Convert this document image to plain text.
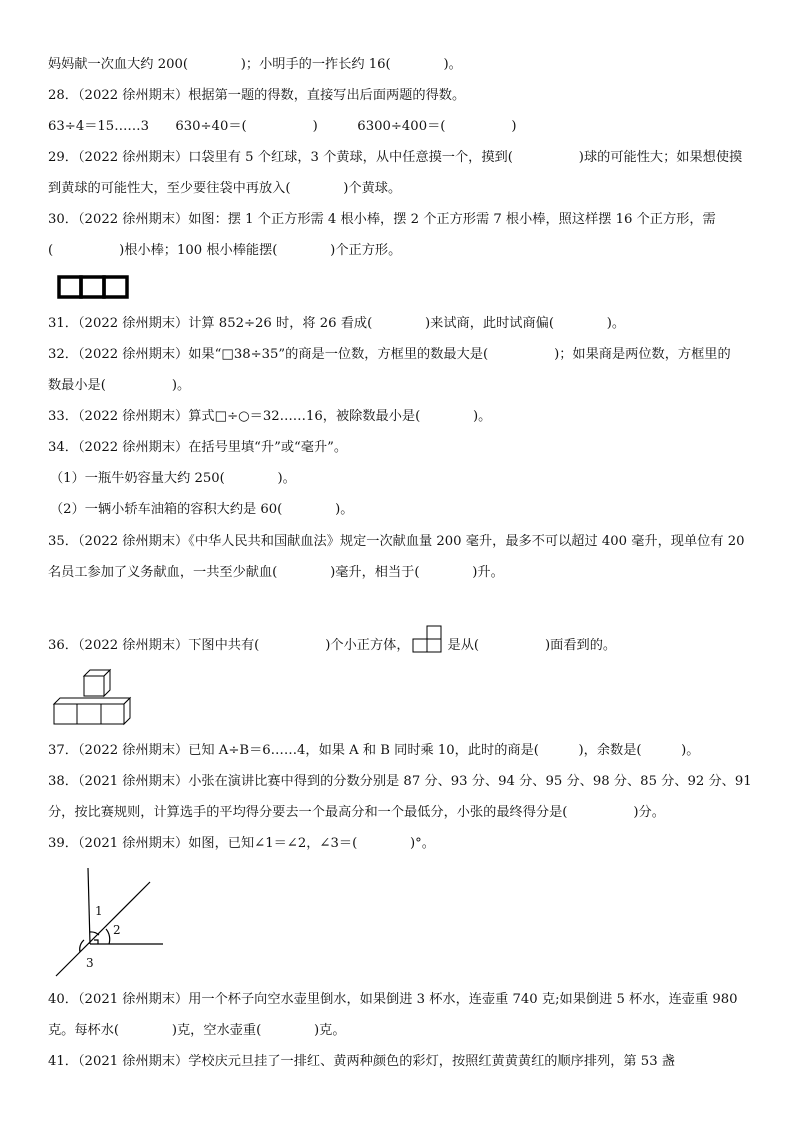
妈妈献一次血大约 200(　　　　)；小明手的一拃长约 16(　　　　)。
28．（2022 徐州期末）根据第一题的得数，直接写出后面两题的得数。
63÷4＝15……3　　630÷40＝(　　　　　)　　　6300÷400＝(　　　　　)
29．（2022 徐州期末）口袋里有 5 个红球，3 个黄球，从中任意摸一个，摸到(　　　　　)球的可能性大；如果想使摸
到黄球的可能性大，至少要往袋中再放入(　　　　)个黄球。
30．（2022 徐州期末）如图：摆 1 个正方形需 4 根小棒，摆 2 个正方形需 7 根小棒，照这样摆 16 个正方形，需
(　　　　　)根小棒；100 根小棒能摆(　　　　)个正方形。
31．（2022 徐州期末）计算 852÷26 时，将 26 看成(　　　　)来试商，此时试商偏(　　　　)。
32．（2022 徐州期末）如果“□38÷35”的商是一位数，方框里的数最大是(　　　　　)；如果商是两位数，方框里的
数最小是(　　　　　)。
33．（2022 徐州期末）算式□÷○＝32……16，被除数最小是(　　　　)。
34．（2022 徐州期末）在括号里填“升”或“毫升”。
（1）一瓶牛奶容量大约 250(　　　　)。
（2）一辆小轿车油箱的容积大约是 60(　　　　)。
35．（2022 徐州期末）《中华人民共和国献血法》规定一次献血量 200 毫升，最多不可以超过 400 毫升，现单位有 20
名员工参加了义务献血，一共至少献血(　　　　)毫升，相当于(　　　　)升。
36．（2022 徐州期末）下图中共有(　　　　　)个小正方体，	是从(　　　　　)面看到的。
37．（2022 徐州期末）已知 A÷B＝6……4，如果 A 和 B 同时乘 10，此时的商是(　　　)，余数是(　　　)。
38．（2021 徐州期末）小张在演讲比赛中得到的分数分别是 87 分、93 分、94 分、95 分、98 分、85 分、92 分、91
分，按比赛规则，计算选手的平均得分要去一个最高分和一个最低分，小张的最终得分是(　　　　　)分。
39．（2021 徐州期末）如图，已知∠1＝∠2，∠3＝(　　　　)°。
1
2
3
40．（2021 徐州期末）用一个杯子向空水壶里倒水，如果倒进 3 杯水，连壶重 740 克;如果倒进 5 杯水，连壶重 980
克。每杯水(　　　　)克，空水壶重(　　　　)克。
41．（2021 徐州期末）学校庆元旦挂了一排红、黄两种颜色的彩灯，按照红黄黄黄红的顺序排列，第 53 盏
